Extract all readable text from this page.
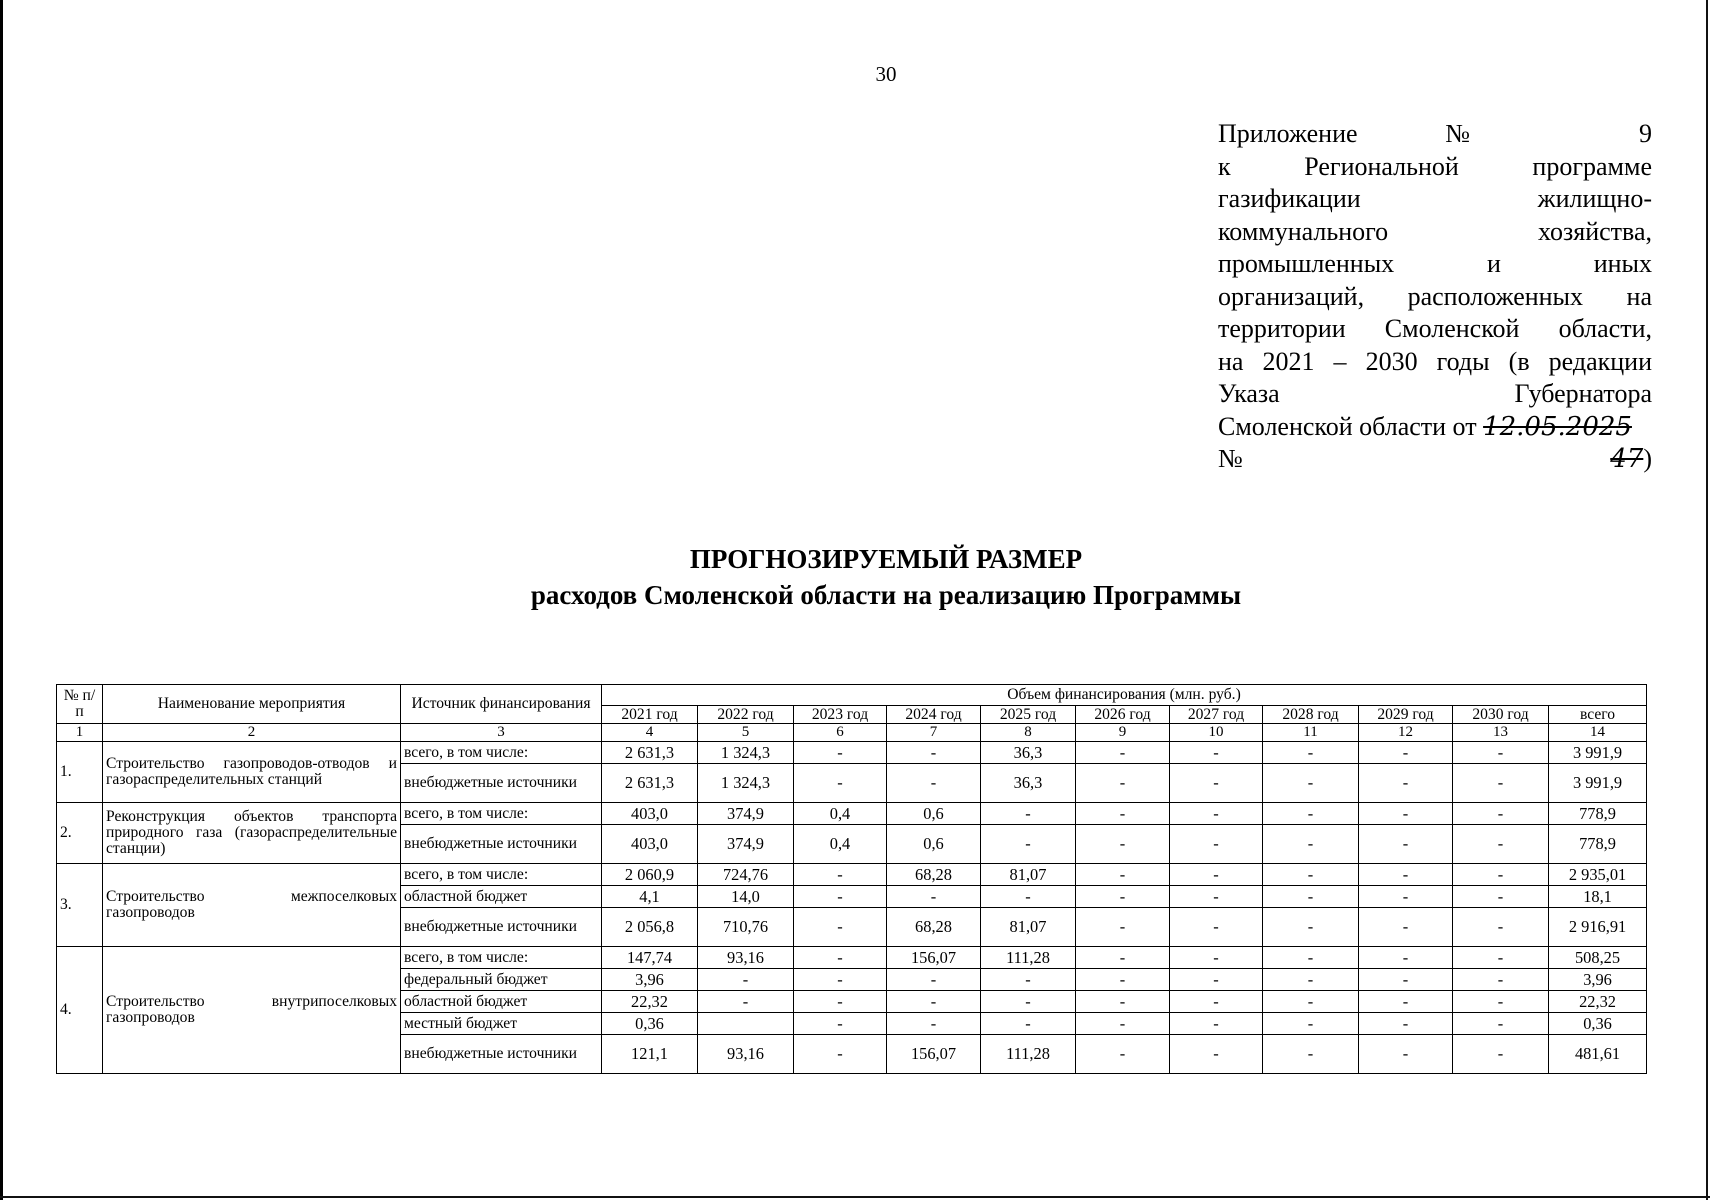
30
Приложение № 9
к Региональной программе
газификации жилищно-
коммунального хозяйства,
промышленных и иных
организаций, расположенных на
территории Смоленской области,
на 2021 – 2030 годы (в редакции
Указа Губернатора
Смоленской области от 12.05.2025
№ 47)
ПРОГНОЗИРУЕМЫЙ РАЗМЕР
расходов Смоленской области на реализацию Программы
№ п/п	Наименование мероприятия	Источник финансирования	Объем финансирования (млн. руб.)										
			2021 год	2022 год	2023 год	2024 год	2025 год	2026 год	2027 год	2028 год	2029 год	2030 год	всего
1	2	3	4	5	6	7	8	9	10	11	12	13	14
1.	Строительство газопроводов-отводов и газораспределительных станций	всего, в том числе:	2 631,3	1 324,3	-	-	36,3	-	-	-	-	-	3 991,9
		внебюджетные источники	2 631,3	1 324,3	-	-	36,3	-	-	-	-	-	3 991,9
2.	Реконструкция объектов транспорта природного газа (газораспределительные станции)	всего, в том числе:	403,0	374,9	0,4	0,6	-	-	-	-	-	-	778,9
		внебюджетные источники	403,0	374,9	0,4	0,6	-	-	-	-	-	-	778,9
3.	Строительство межпоселковых газопроводов	всего, в том числе:	2 060,9	724,76	-	68,28	81,07	-	-	-	-	-	2 935,01
		областной бюджет	4,1	14,0	-	-	-	-	-	-	-	-	18,1
		внебюджетные источники	2 056,8	710,76	-	68,28	81,07	-	-	-	-	-	2 916,91
4.	Строительство внутрипоселковых газопроводов	всего, в том числе:	147,74	93,16	-	156,07	111,28	-	-	-	-	-	508,25
		федеральный бюджет	3,96	-	-	-	-	-	-	-	-	-	3,96
		областной бюджет	22,32	-	-	-	-	-	-	-	-	-	22,32
		местный бюджет	0,36		-	-	-	-	-	-	-	-	0,36
		внебюджетные источники	121,1	93,16	-	156,07	111,28	-	-	-	-	-	481,61
